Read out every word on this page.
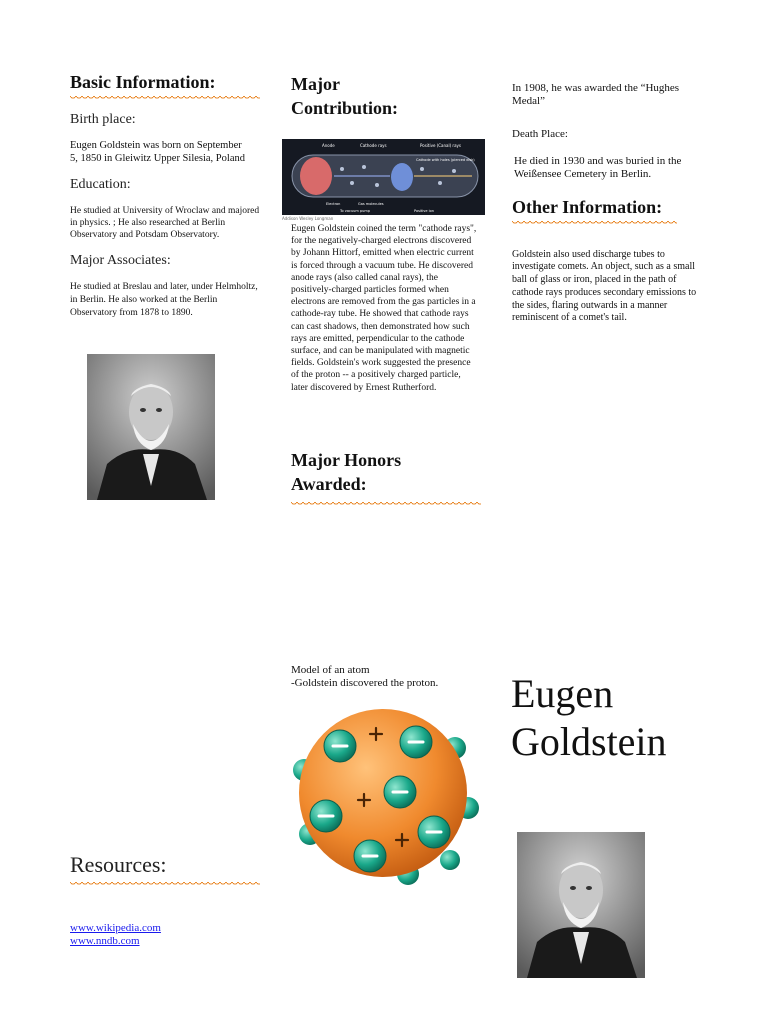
Basic Information:
Birth place:

Eugen Goldstein was born on September 5, 1850 in Gleiwitz Upper Silesia, Poland

Education:

He studied at University of Wroclaw and majored in physics. ; He also researched at Berlin Observatory and Potsdam Observatory.

Major Associates:

He studied at Breslau and later, under Helmholtz, in Berlin. He also worked at the Berlin Observatory from 1878 to 1890.

Resources:
www.wikipedia.com
www.nndb.com
Major
Contribution:
Anode	Cathode rays	Positive (Canal) rays
Cathode with holes (pierced disk)
Electron	Gas molecules
To vacuum pump	Positive ion
Addison Wesley Longman

Eugen Goldstein coined the term "cathode rays", for the negatively-charged electrons discovered by Johann Hittorf, emitted when electric current is forced through a vacuum tube. He discovered anode rays (also called canal rays), the positively-charged particles formed when electrons are removed from the gas particles in a cathode-ray tube. He showed that cathode rays can cast shadows, then demonstrated how such rays are emitted, perpendicular to the cathode surface, and can be manipulated with magnetic fields. Goldstein's work suggested the presence of the proton -- a positively charged particle, later discovered by Ernest Rutherford.

Major Honors
Awarded:

Model of an atom

-Goldstein discovered the proton.

In 1908, he was awarded the “Hughes Medal”

Death Place:

He died in 1930 and was buried in the Weißensee Cemetery in Berlin.

Other Information:

Goldstein also used discharge tubes to investigate comets. An object, such as a small ball of glass or iron, placed in the path of cathode rays produces secondary emissions to the sides, flaring outwards in a manner reminiscent of a comet's tail.

Eugen
Goldstein
